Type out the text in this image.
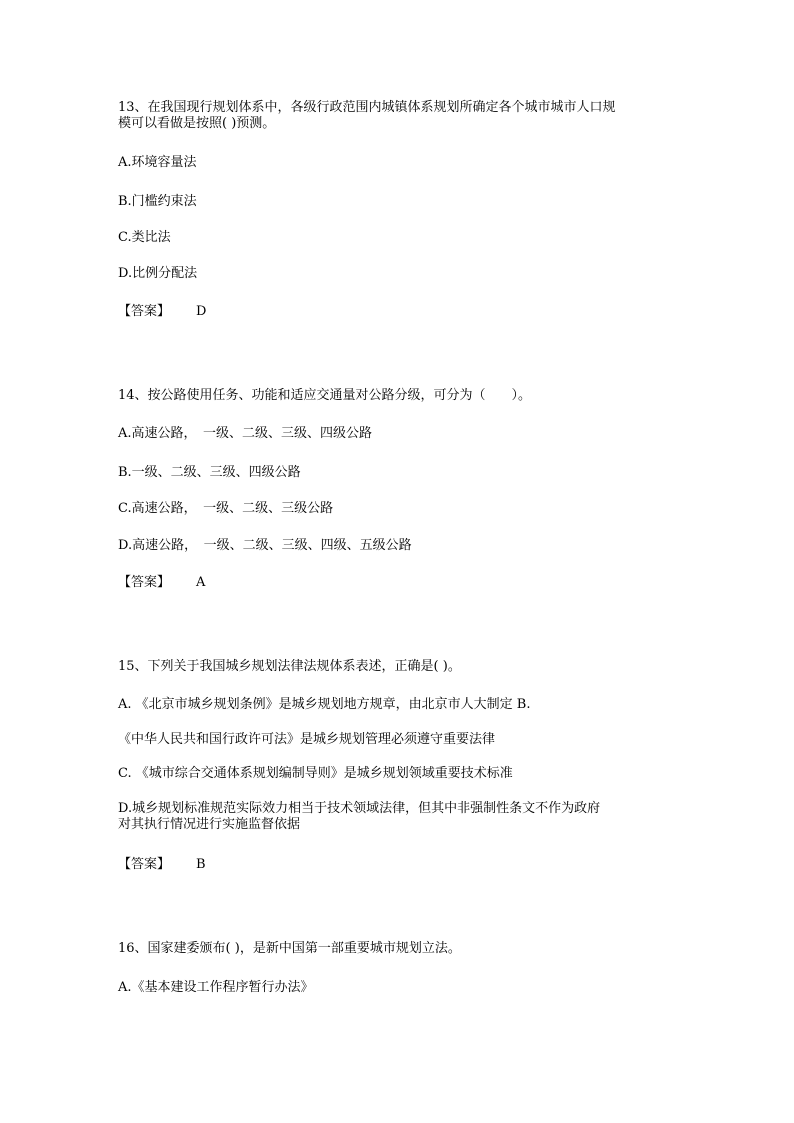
13、在我国现行规划体系中，各级行政范围内城镇体系规划所确定各个城市城市人口规模可以看做是按照( )预测。
A.环境容量法
B.门槛约束法
C.类比法
D.比例分配法
【答案】 D
14、按公路使用任务、功能和适应交通量对公路分级，可分为（　　）。
A.高速公路，　一级、二级、三级、四级公路
B.一级、二级、三级、四级公路
C.高速公路，　一级、二级、三级公路
D.高速公路，　一级、二级、三级、四级、五级公路
【答案】 A
15、下列关于我国城乡规划法律法规体系表述，正确是( )。
A. 《北京市城乡规划条例》是城乡规划地方规章，由北京市人大制定 B.
《中华人民共和国行政许可法》是城乡规划管理必须遵守重要法律
C. 《城市综合交通体系规划编制导则》是城乡规划领域重要技术标准
D.城乡规划标准规范实际效力相当于技术领域法律，但其中非强制性条文不作为政府对其执行情况进行实施监督依据
【答案】 B
16、国家建委颁布( )，是新中国第一部重要城市规划立法。
A.《基本建设工作程序暂行办法》
